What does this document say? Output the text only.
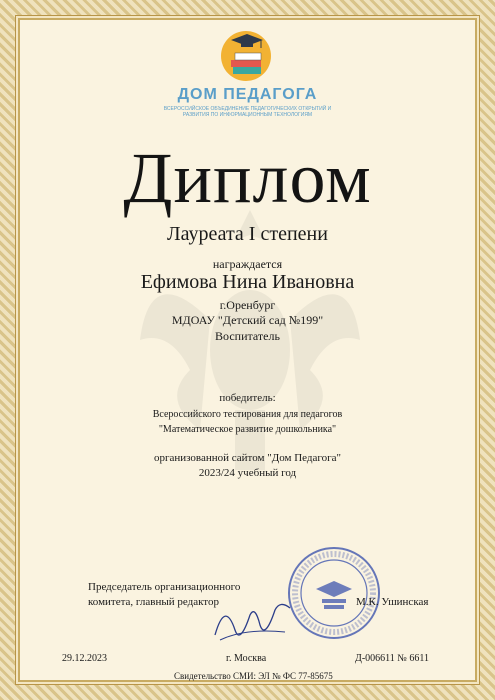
ДОМ ПЕДАГОГА
ВСЕРОССИЙСКОЕ ОБЪЕДИНЕНИЕ ПЕДАГОГИЧЕСКИХ ОТКРЫТИЙ И РАЗВИТИЯ ПО ИНФОРМАЦИОННЫМ ТЕХНОЛОГИЯМ
Диплом
Лауреата I степени
награждается
Ефимова Нина Ивановна
г.Оренбург
МДОАУ "Детский сад №199"
Воспитатель
победитель:
Всероссийского тестирования для педагогов
"Математическое развитие дошкольника"
организованной сайтом "Дом Педагога"
2023/24 учебный год
Председатель организационного
комитета, главный редактор	М.К. Ушинская
29.12.2023	г. Москва	Д-006611 № 6611
Свидетельство СМИ: ЭЛ № ФС 77-85675
